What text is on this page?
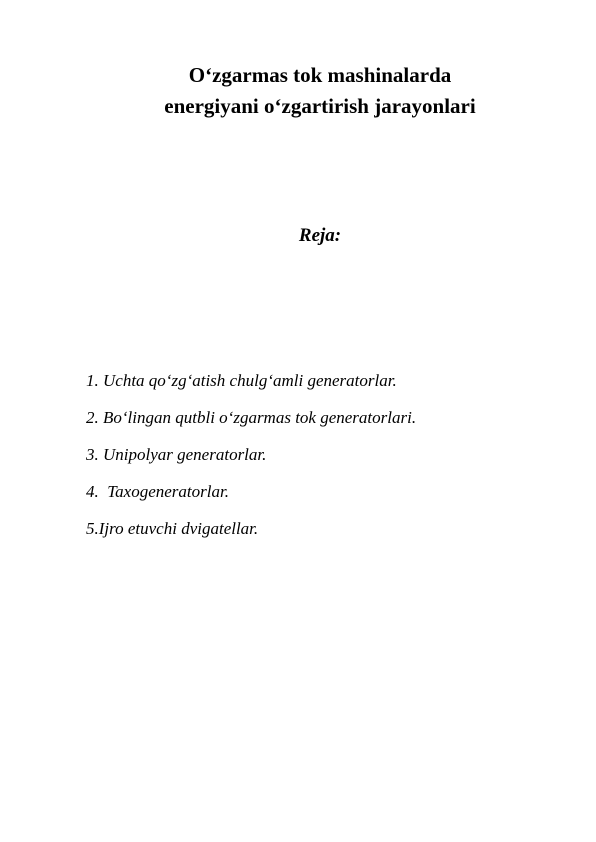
O‘zgarmas tok mashinalarda
energiyani o‘zgartirish jarayonlari
Reja:
1. Uchta qo‘zg‘atish chulg‘amli generatorlar.
2. Bo‘lingan qutbli o‘zgarmas tok generatorlari.
3. Unipolyar generatorlar.
4.  Taxogeneratorlar.
5.Ijro etuvchi dvigatellar.
